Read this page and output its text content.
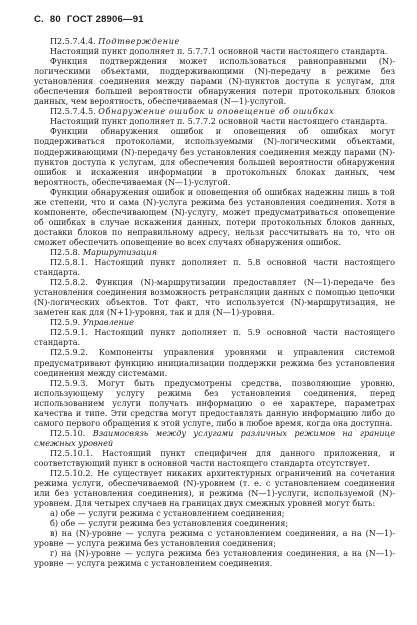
С. 80 ГОСТ 28906—91

П2.5.7.4.4. Подтверждение

Настоящий пункт дополняет п. 5.7.7.1 основной части настоящего стандарта.

Функция подтверждения может использоваться равноправными (N)-логическими объектами, поддерживающими (N)-передачу в режиме без установления соединения между парами (N)-пунктов доступа к услугам, для обеспечения большей вероятности обнаружения потери протокольных блоков данных, чем вероятность, обеспечиваемая (N—1)-услугой.

П2.5.7.4.5. Обнаружение ошибок и оповещение об ошибках

Настоящий пункт дополняет п. 5.7.7.2 основной части настоящего стандарта.

Функции обнаружения ошибок и оповещения об ошибках могут поддерживаться протоколами, используемыми (N)-логическими объектами, поддерживающими (N)-передачу без установления соединения между парами (N)-пунктов доступа к услугам, для обеспечения большей вероятности обнаружения ошибок и искажения информации в протокольных блоках данных, чем вероятность, обеспечиваемая (N—1)-услугой.

Функции обнаружения ошибок и оповещения об ошибках надежны лишь в той же степени, что и сама (N)-услуга режима без установления соединения. Хотя в компоненте, обеспечивающем (N)-услугу, может предусматриваться оповещение об ошибках в случае искажения данных, потери протокольных блоков данных, доставки блоков по неправильному адресу, нельзя рассчитывать на то, что он сможет обеспечить оповещение во всех случаях обнаружения ошибок.

П2.5.8. Маршрутизация

П2.5.8.1. Настоящий пункт дополняет п. 5.8 основной части настоящего стандарта.

П2.5.8.2. Функция (N)-маршрутизации предоставляет (N—1)-передаче без установления соединения возможность ретрансляции данных с помощью цепочки (N)-логических объектов. Тот факт, что используется (N)-маршрутизация, не заметен как для (N+1)-уровня, так и для (N—1)-уровня.

П2.5.9. Управление

П2.5.9.1. Настоящий пункт дополняет п. 5.9 основной части настоящего стандарта.

П2.5.9.2. Компоненты управления уровнями и управления системой предусматривают функцию инициализации поддержки режима без установления соединения между системами.

П2.5.9.3. Могут быть предусмотрены средства, позволяющие уровню, использующему услугу режима без установления соединения, перед использованием услуги получать информацию о ее характере, параметрах качества и типе. Эти средства могут предоставлять данную информацию либо до самого первого обращения к этой услуге, либо в любое время, когда она доступна.

П2.5.10. Взаимосвязь между услугами различных режимов на границе смежных уровней

П2.5.10.1. Настоящий пункт специфичен для данного приложения, и соответствующий пункт в основной части настоящего стандарта отсутствует.

П2.5.10.2. Не существует никаких архитектурных ограничений на сочетания режима услуги, обеспечиваемой (N)-уровнем (т. е. с установлением соединения или без установления соединения), и режима (N—1)-услуги, используемой (N)-уровнем. Для четырех случаев на границах двух смежных уровней могут быть:

а) обе — услуги режима с установлением соединения;

б) обе — услуги режима без установления соединения;

в) на (N)-уровне — услуга режима с установлением соединения, а на (N—1)-уровне — услуга режима без установления соединения;

г) на (N)-уровне — услуга режима без установления соединения, а на (N—1)-уровне — услуга режима с установлением соединения.
